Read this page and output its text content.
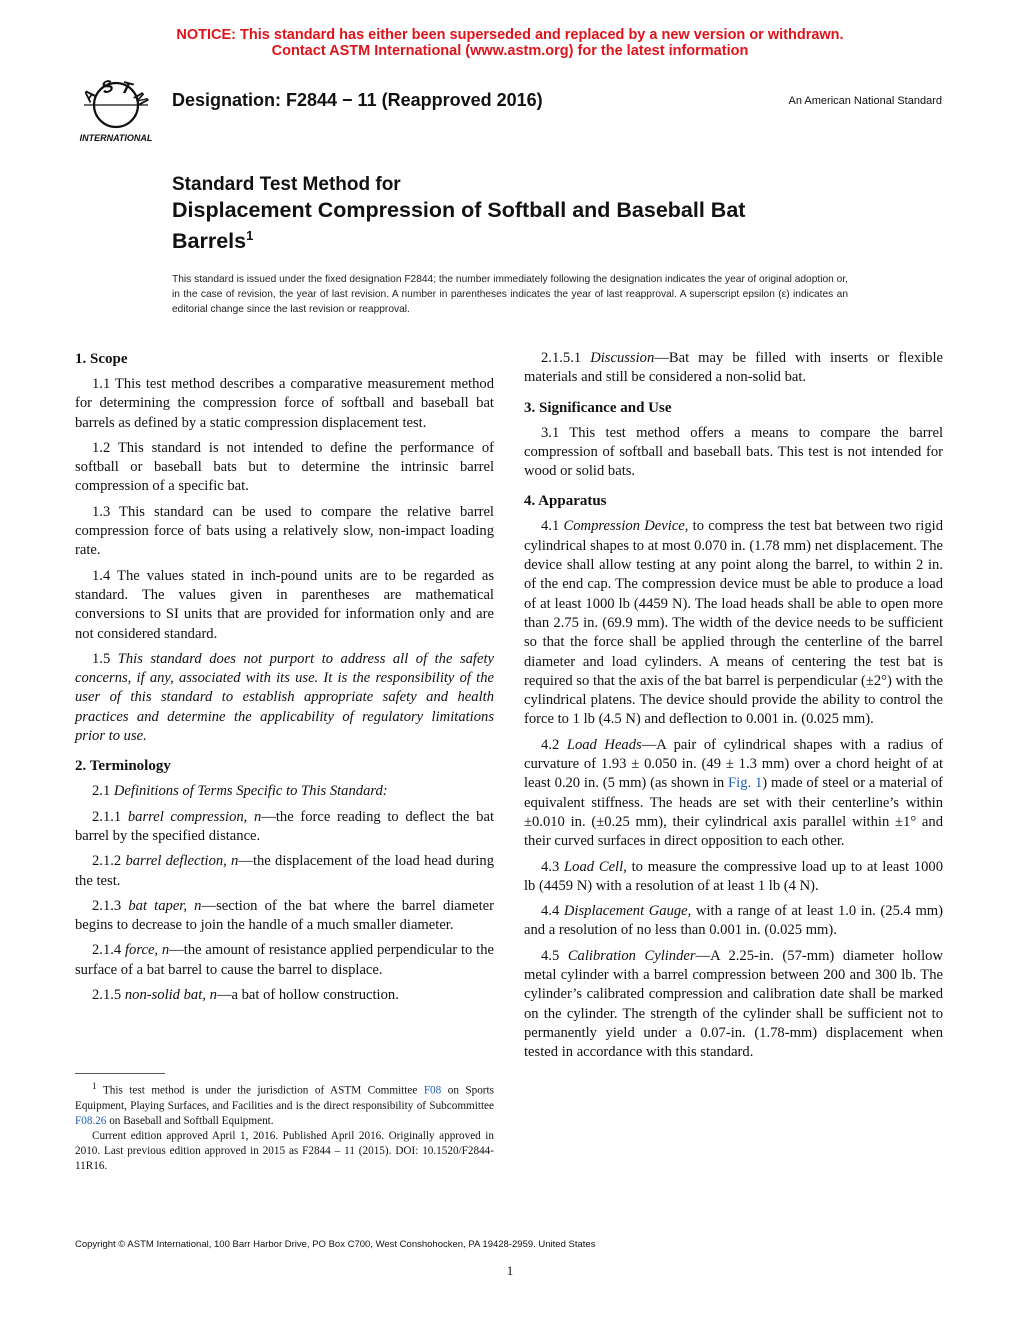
NOTICE: This standard has either been superseded and replaced by a new version or withdrawn.
Contact ASTM International (www.astm.org) for the latest information
A S T
M
INTERNATIONAL
Designation: F2844 − 11 (Reapproved 2016)	An American National Standard
Standard Test Method for
Displacement Compression of Softball and Baseball Bat
Barrels$^1$
This standard is issued under the fixed designation F2844; the number immediately following the designation indicates the year of original adoption or, in the case of revision, the year of last revision. A number in parentheses indicates the year of last reapproval. A superscript epsilon (ε) indicates an editorial change since the last revision or reapproval.
1. Scope

1.1 This test method describes a comparative measurement method for determining the compression force of softball and baseball bat barrels as defined by a static compression displacement test.

1.2 This standard is not intended to define the performance of softball or baseball bats but to determine the intrinsic barrel compression of a specific bat.

1.3 This standard can be used to compare the relative barrel compression force of bats using a relatively slow, non-impact loading rate.

1.4 The values stated in inch-pound units are to be regarded as standard. The values given in parentheses are mathematical conversions to SI units that are provided for information only and are not considered standard.

1.5 This standard does not purport to address all of the safety concerns, if any, associated with its use. It is the responsibility of the user of this standard to establish appropriate safety and health practices and determine the applicability of regulatory limitations prior to use.

2. Terminology

2.1 Definitions of Terms Specific to This Standard:

2.1.1 barrel compression, n—the force reading to deflect the bat barrel by the specified distance.

2.1.2 barrel deflection, n—the displacement of the load head during the test.

2.1.3 bat taper, n—section of the bat where the barrel diameter begins to decrease to join the handle of a much smaller diameter.

2.1.4 force, n—the amount of resistance applied perpendicular to the surface of a bat barrel to cause the barrel to displace.

2.1.5 non-solid bat, n—a bat of hollow construction.

2.1.5.1 Discussion—Bat may be filled with inserts or flexible materials and still be considered a non-solid bat.

3. Significance and Use

3.1 This test method offers a means to compare the barrel compression of softball and baseball bats. This test is not intended for wood or solid bats.

4. Apparatus

4.1 Compression Device, to compress the test bat between two rigid cylindrical shapes to at most 0.070 in. (1.78 mm) net displacement. The device shall allow testing at any point along the barrel, to within 2 in. of the end cap. The compression device must be able to produce a load of at least 1000 lb (4459 N). The load heads shall be able to open more than 2.75 in. (69.9 mm). The width of the device needs to be sufficient so that the force shall be applied through the centerline of the barrel diameter and load cylinders. A means of centering the test bat is required so that the axis of the bat barrel is perpendicular (±2°) with the cylindrical platens. The device should provide the ability to control the force to 1 lb (4.5 N) and deflection to 0.001 in. (0.025 mm).

4.2 Load Heads—A pair of cylindrical shapes with a radius of curvature of 1.93 ± 0.050 in. (49 ± 1.3 mm) over a chord height of at least 0.20 in. (5 mm) (as shown in Fig. 1) made of steel or a material of equivalent stiffness. The heads are set with their centerline’s within ±0.010 in. (±0.25 mm), their cylindrical axis parallel within ±1° and their curved surfaces in direct opposition to each other.

4.3 Load Cell, to measure the compressive load up to at least 1000 lb (4459 N) with a resolution of at least 1 lb (4 N).

4.4 Displacement Gauge, with a range of at least 1.0 in. (25.4 mm) and a resolution of no less than 0.001 in. (0.025 mm).

4.5 Calibration Cylinder—A 2.25-in. (57-mm) diameter hollow metal cylinder with a barrel compression between 200 and 300 lb. The cylinder’s calibrated compression and calibration date shall be marked on the cylinder. The strength of the cylinder shall be sufficient not to permanently yield under a 0.07-in. (1.78-mm) displacement when tested in accordance with this standard.

$^1$ This test method is under the jurisdiction of ASTM Committee F08 on Sports Equipment, Playing Surfaces, and Facilities and is the direct responsibility of Subcommittee F08.26 on Baseball and Softball Equipment.

Current edition approved April 1, 2016. Published April 2016. Originally approved in 2010. Last previous edition approved in 2015 as F2844 – 11 (2015). DOI: 10.1520/F2844-11R16.

Copyright © ASTM International, 100 Barr Harbor Drive, PO Box C700, West Conshohocken, PA 19428-2959. United States
1
